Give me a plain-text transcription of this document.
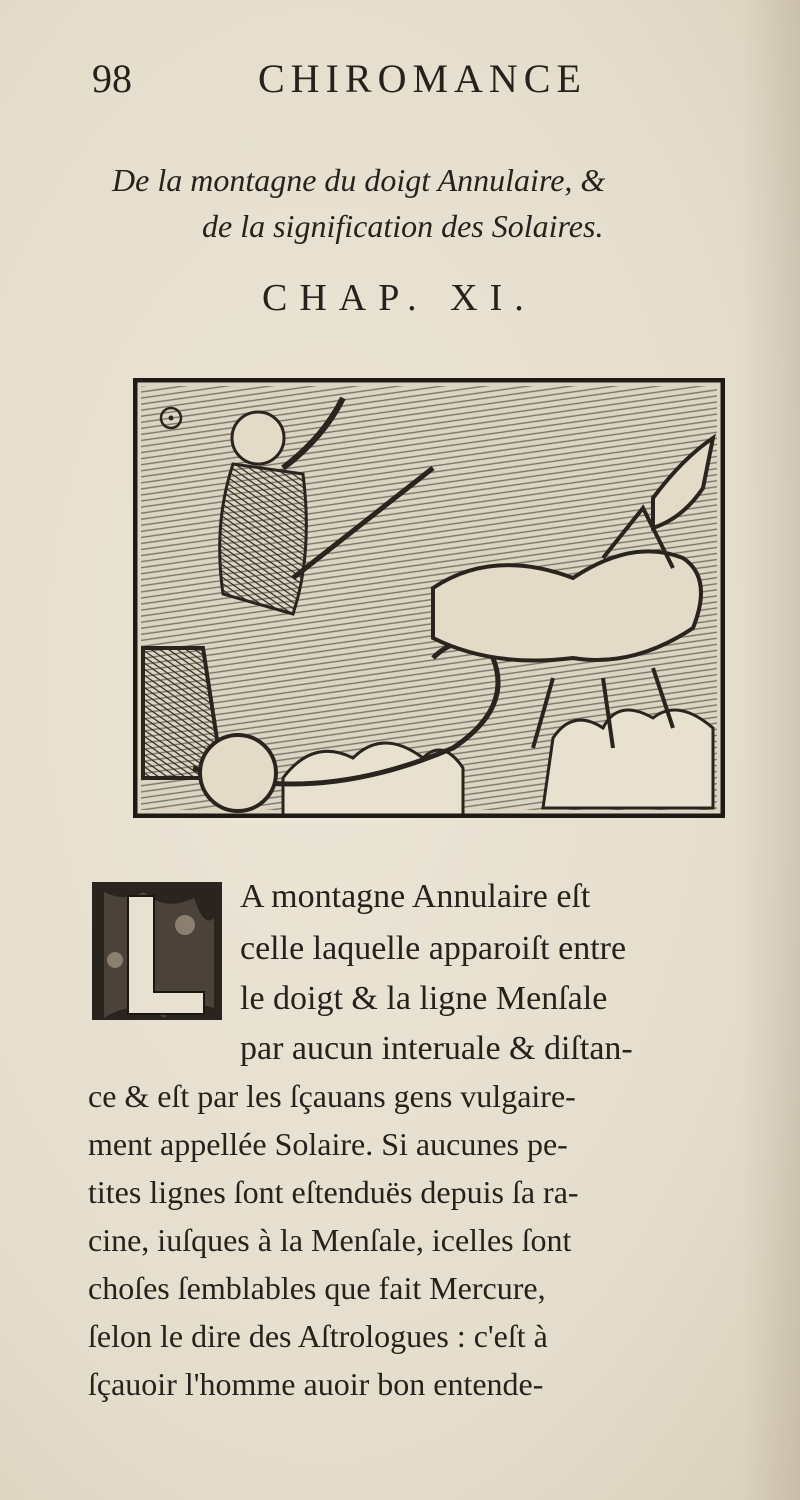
98	CHIROMANCE
De la montagne du doigt Annulaire, &
de la signification des Solaires.
CHAP. XI.
A montagne Annulaire eſt
celle laquelle apparoiſt entre
le doigt & la ligne Menſale
par aucun interuale & diſtan-
ce & eſt par les ſçauans gens vulgaire-
ment appellée Solaire. Si aucunes pe-
tites lignes ſont eſtenduës depuis ſa ra-
cine, iuſques à la Menſale, icelles ſont
choſes ſemblables que fait Mercure,
ſelon le dire des Aſtrologues : c'eſt à
ſçauoir l'homme auoir bon entende-
